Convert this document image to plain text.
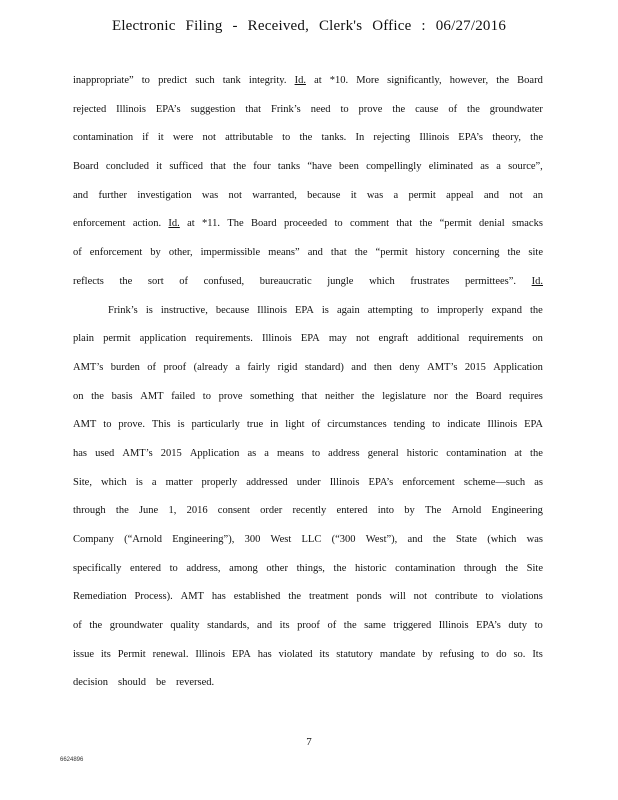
Electronic Filing - Received, Clerk's Office : 06/27/2016
inappropriate” to predict such tank integrity. Id. at *10. More significantly, however, the Board
rejected Illinois EPA’s suggestion that Frink’s need to prove the cause of the groundwater
contamination if it were not attributable to the tanks. In rejecting Illinois EPA’s theory, the
Board concluded it sufficed that the four tanks “have been compellingly eliminated as a source”,
and further investigation was not warranted, because it was a permit appeal and not an
enforcement action. Id. at *11. The Board proceeded to comment that the “permit denial smacks
of enforcement by other, impermissible means” and that the “permit history concerning the site
reflects the sort of confused, bureaucratic jungle which frustrates permittees”. Id.
Frink’s is instructive, because Illinois EPA is again attempting to improperly expand the
plain permit application requirements. Illinois EPA may not engraft additional requirements on
AMT’s burden of proof (already a fairly rigid standard) and then deny AMT’s 2015 Application
on the basis AMT failed to prove something that neither the legislature nor the Board requires
AMT to prove. This is particularly true in light of circumstances tending to indicate Illinois EPA
has used AMT’s 2015 Application as a means to address general historic contamination at the
Site, which is a matter properly addressed under Illinois EPA’s enforcement scheme—such as
through the June 1, 2016 consent order recently entered into by The Arnold Engineering
Company (“Arnold Engineering”), 300 West LLC (“300 West”), and the State (which was
specifically entered to address, among other things, the historic contamination through the Site
Remediation Process). AMT has established the treatment ponds will not contribute to violations
of the groundwater quality standards, and its proof of the same triggered Illinois EPA’s duty to
issue its Permit renewal. Illinois EPA has violated its statutory mandate by refusing to do so. Its
decision should be reversed.
7
6624896
